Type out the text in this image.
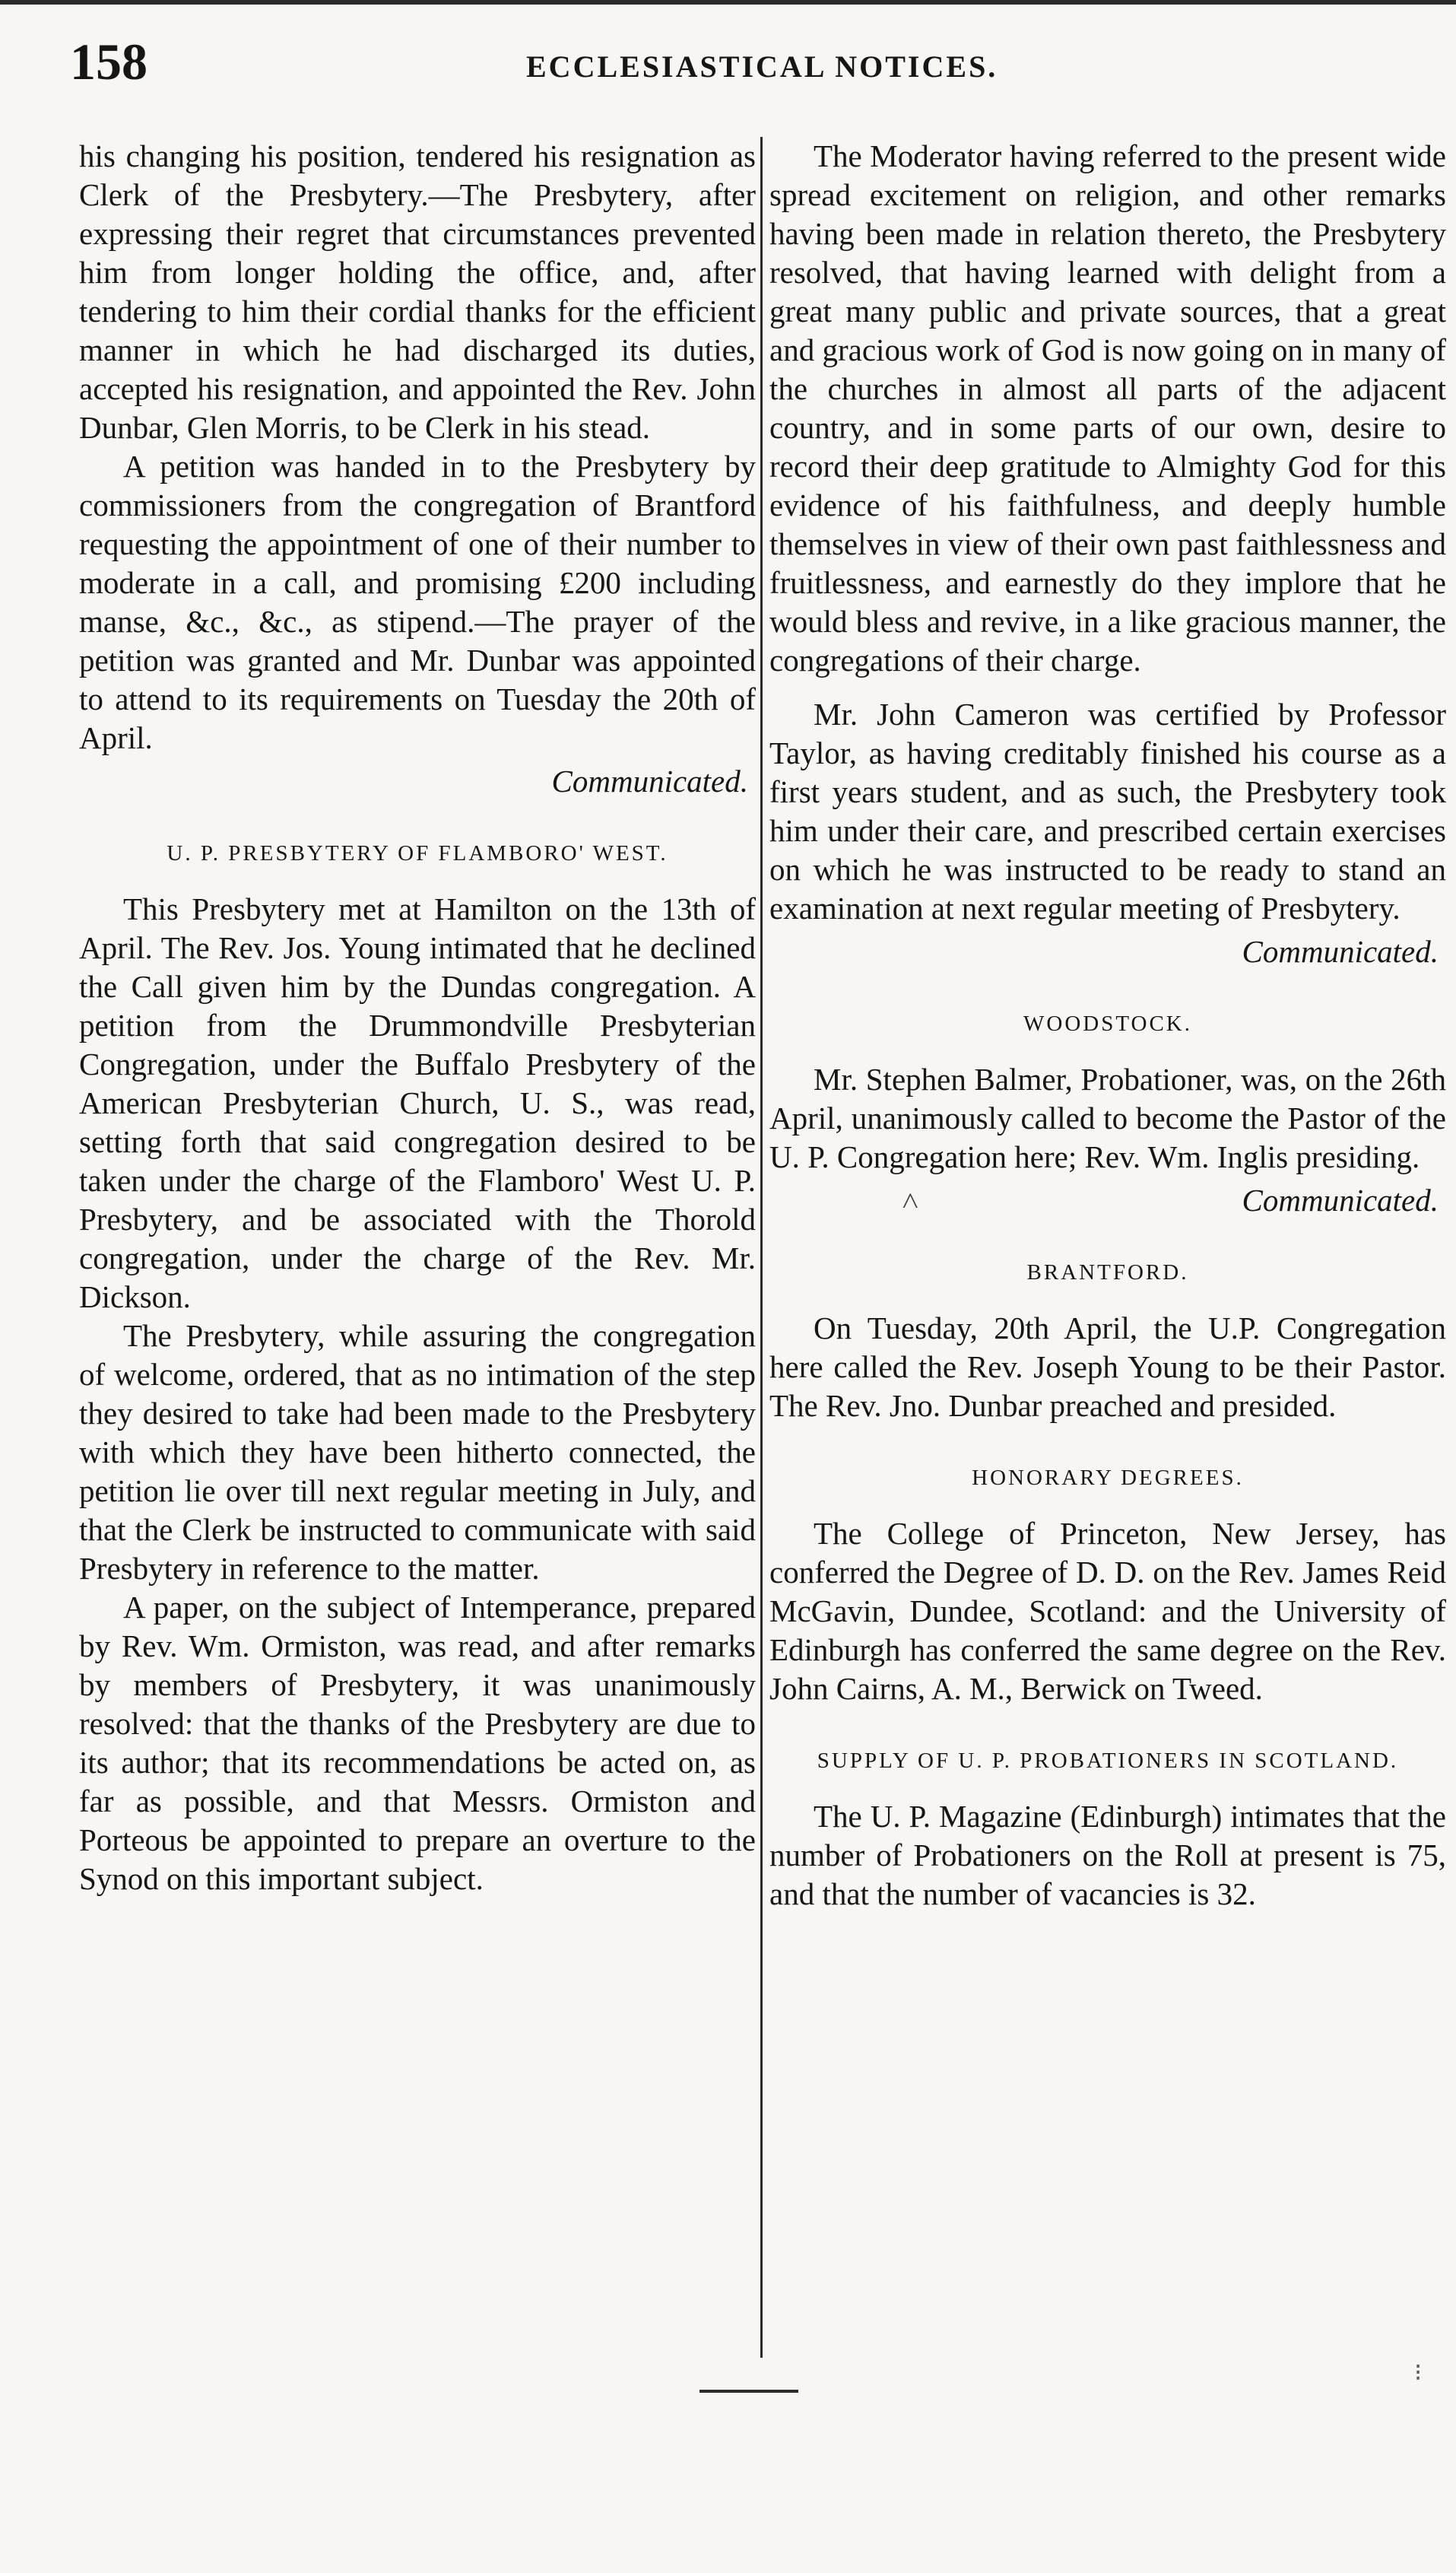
158	ECCLESIASTICAL NOTICES.

his changing his position, tendered his resignation as Clerk of the Presbytery.—The Presbytery, after expressing their regret that circumstances prevented him from longer holding the office, and, after tendering to him their cordial thanks for the efficient manner in which he had discharged its duties, accepted his resignation, and appointed the Rev. John Dunbar, Glen Morris, to be Clerk in his stead.

A petition was handed in to the Presbytery by commissioners from the congregation of Brantford requesting the appointment of one of their number to moderate in a call, and promising £200 including manse, &c., &c., as stipend.—The prayer of the petition was granted and Mr. Dunbar was appointed to attend to its requirements on Tuesday the 20th of April.

Communicated.

U. P. PRESBYTERY OF FLAMBORO' WEST.

This Presbytery met at Hamilton on the 13th of April. The Rev. Jos. Young intimated that he declined the Call given him by the Dundas congregation. A petition from the Drummondville Presbyterian Congregation, under the Buffalo Presbytery of the American Presbyterian Church, U. S., was read, setting forth that said congregation desired to be taken under the charge of the Flamboro' West U. P. Presbytery, and be associated with the Thorold congregation, under the charge of the Rev. Mr. Dickson.

The Presbytery, while assuring the congregation of welcome, ordered, that as no intimation of the step they desired to take had been made to the Presbytery with which they have been hitherto connected, the petition lie over till next regular meeting in July, and that the Clerk be instructed to communicate with said Presbytery in reference to the matter.

A paper, on the subject of Intemperance, prepared by Rev. Wm. Ormiston, was read, and after remarks by members of Presbytery, it was unanimously resolved: that the thanks of the Presbytery are due to its author; that its recommendations be acted on, as far as possible, and that Messrs. Ormiston and Porteous be appointed to prepare an overture to the Synod on this important subject.

The Moderator having referred to the present wide spread excitement on religion, and other remarks having been made in relation thereto, the Presbytery resolved, that having learned with delight from a great many public and private sources, that a great and gracious work of God is now going on in many of the churches in almost all parts of the adjacent country, and in some parts of our own, desire to record their deep gratitude to Almighty God for this evidence of his faithfulness, and deeply humble themselves in view of their own past faithlessness and fruitlessness, and earnestly do they implore that he would bless and revive, in a like gracious manner, the congregations of their charge.

Mr. John Cameron was certified by Professor Taylor, as having creditably finished his course as a first years student, and as such, the Presbytery took him under their care, and prescribed certain exercises on which he was instructed to be ready to stand an examination at next regular meeting of Presbytery.

Communicated.

WOODSTOCK.

Mr. Stephen Balmer, Probationer, was, on the 26th April, unanimously called to become the Pastor of the U. P. Congregation here; Rev. Wm. Inglis presiding.

Communicated.

BRANTFORD.

On Tuesday, 20th April, the U.P. Congregation here called the Rev. Joseph Young to be their Pastor. The Rev. Jno. Dunbar preached and presided.

HONORARY DEGREES.

The College of Princeton, New Jersey, has conferred the Degree of D. D. on the Rev. James Reid McGavin, Dundee, Scotland: and the University of Edinburgh has conferred the same degree on the Rev. John Cairns, A. M., Berwick on Tweed.

SUPPLY OF U. P. PROBATIONERS IN SCOTLAND.

The U. P. Magazine (Edinburgh) intimates that the number of Probationers on the Roll at present is 75, and that the number of vacancies is 32.

˄
⁝
